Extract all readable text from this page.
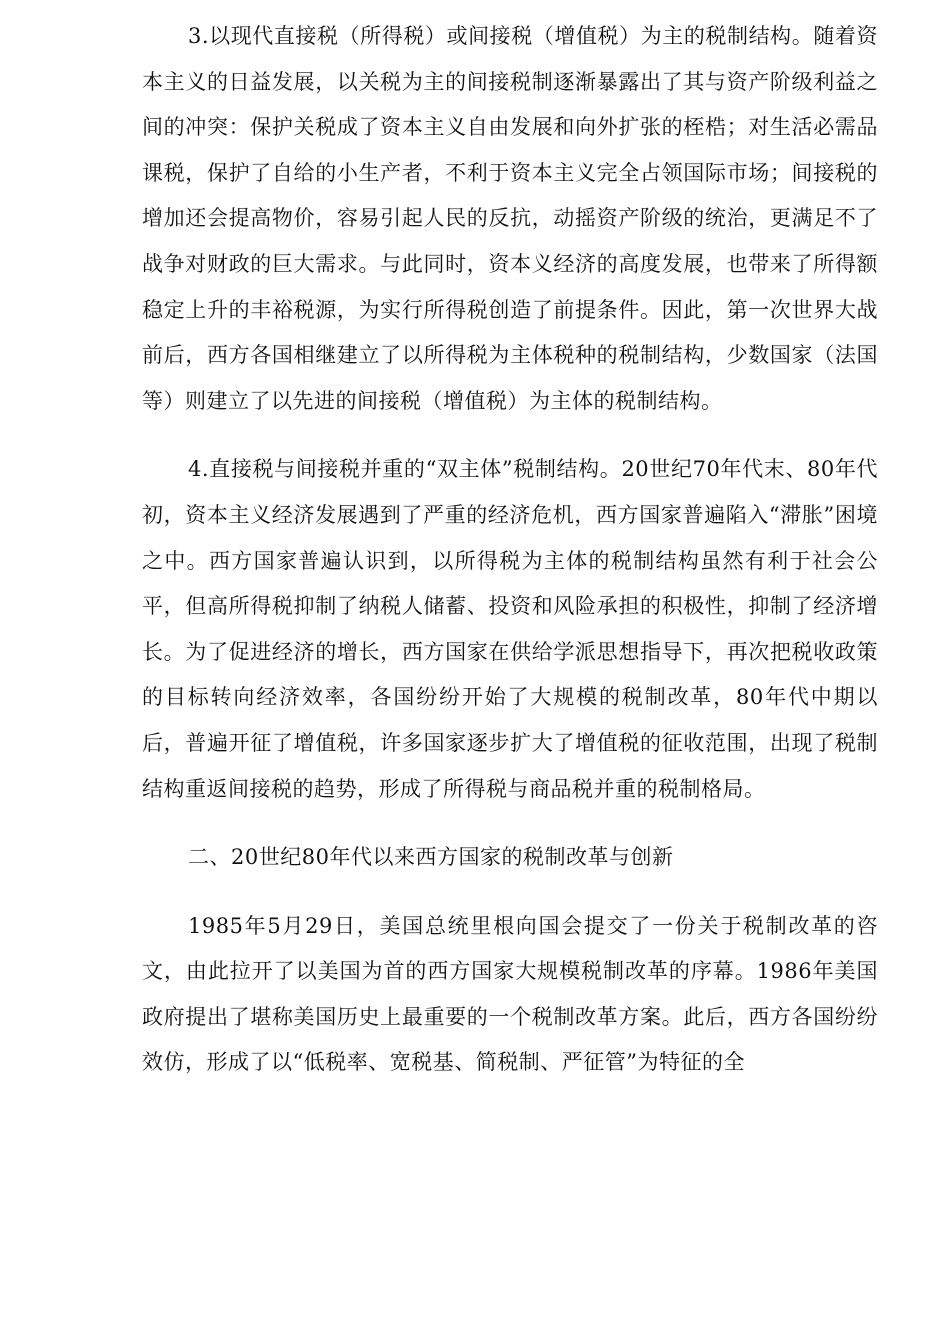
3.以现代直接税（所得税）或间接税（增值税）为主的税制结构。随着资本主义的日益发展，以关税为主的间接税制逐渐暴露出了其与资产阶级利益之间的冲突：保护关税成了资本主义自由发展和向外扩张的桎梏；对生活必需品课税，保护了自给的小生产者，不利于资本主义完全占领国际市场；间接税的增加还会提高物价，容易引起人民的反抗，动摇资产阶级的统治，更满足不了战争对财政的巨大需求。与此同时，资本义经济的高度发展，也带来了所得额稳定上升的丰裕税源，为实行所得税创造了前提条件。因此，第一次世界大战前后，西方各国相继建立了以所得税为主体税种的税制结构，少数国家（法国等）则建立了以先进的间接税（增值税）为主体的税制结构。

4.直接税与间接税并重的“双主体”税制结构。20世纪70年代末、80年代初，资本主义经济发展遇到了严重的经济危机，西方国家普遍陷入“滞胀”困境之中。西方国家普遍认识到，以所得税为主体的税制结构虽然有利于社会公平，但高所得税抑制了纳税人储蓄、投资和风险承担的积极性，抑制了经济增长。为了促进经济的增长，西方国家在供给学派思想指导下，再次把税收政策的目标转向经济效率，各国纷纷开始了大规模的税制改革，80年代中期以后，普遍开征了增值税，许多国家逐步扩大了增值税的征收范围，出现了税制结构重返间接税的趋势，形成了所得税与商品税并重的税制格局。

二、20世纪80年代以来西方国家的税制改革与创新

1985年5月29日，美国总统里根向国会提交了一份关于税制改革的咨文，由此拉开了以美国为首的西方国家大规模税制改革的序幕。1986年美国政府提出了堪称美国历史上最重要的一个税制改革方案。此后，西方各国纷纷效仿，形成了以“低税率、宽税基、简税制、严征管”为特征的全
